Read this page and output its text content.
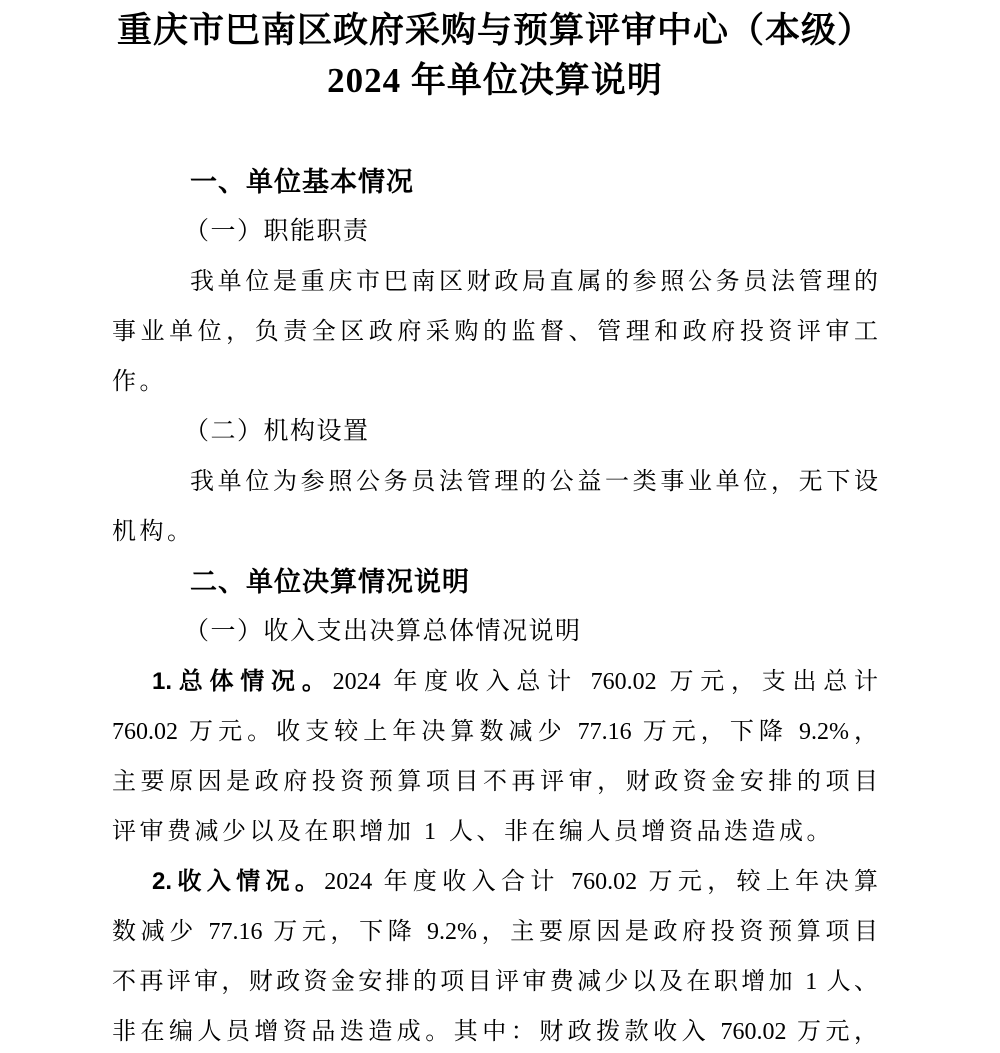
重庆市巴南区政府采购与预算评审中心（本级）
2024 年单位决算说明
一、单位基本情况
（一）职能职责
我单位是重庆市巴南区财政局直属的参照公务员法管理的
事业单位，负责全区政府采购的监督、管理和政府投资评审工
作。
（二）机构设置
我单位为参照公务员法管理的公益一类事业单位，无下设
机构。
二、单位决算情况说明
（一）收入支出决算总体情况说明
1.总体情况。2024 年度收入总计 760.02 万元，支出总计
760.02 万元。收支较上年决算数减少 77.16 万元，下降 9.2%，
主要原因是政府投资预算项目不再评审，财政资金安排的项目
评审费减少以及在职增加 1 人、非在编人员增资品迭造成。
2.收入情况。2024 年度收入合计 760.02 万元，较上年决算
数减少 77.16 万元，下降 9.2%，主要原因是政府投资预算项目
不再评审，财政资金安排的项目评审费减少以及在职增加 1 人、
非在编人员增资品迭造成。其中：财政拨款收入 760.02 万元，
